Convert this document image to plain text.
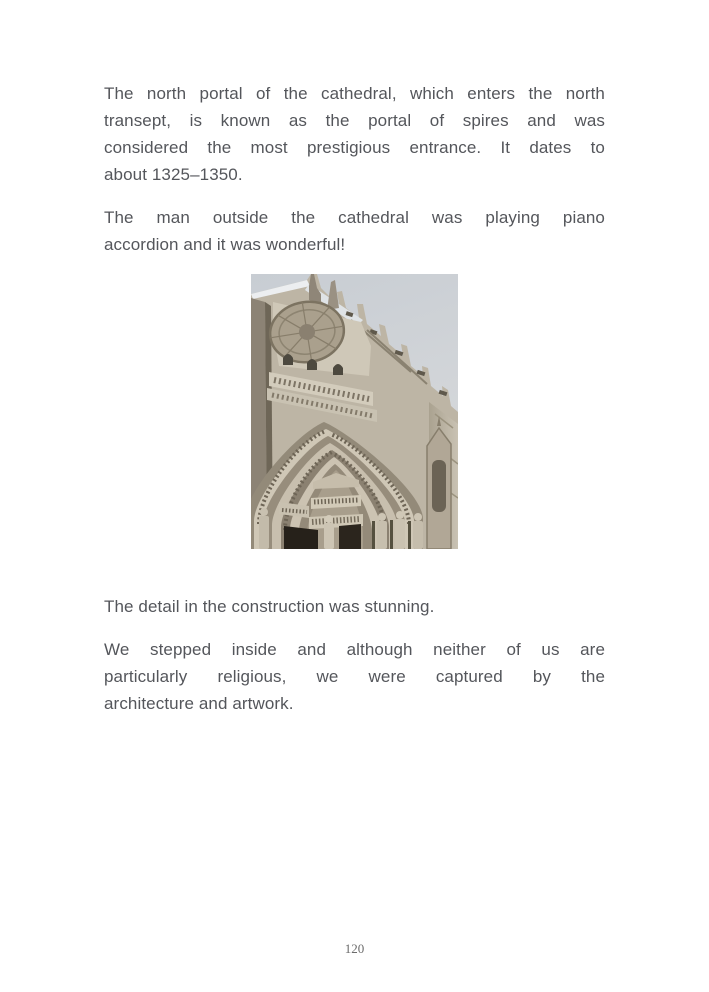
The north portal of the cathedral, which enters the north
transept, is known as the portal of spires and was
considered the most prestigious entrance. It dates to
about 1325–1350.
The man outside the cathedral was playing piano
accordion and it was wonderful!
The detail in the construction was stunning.
We stepped inside and although neither of us are
particularly religious, we were captured by the
architecture and artwork.
120
